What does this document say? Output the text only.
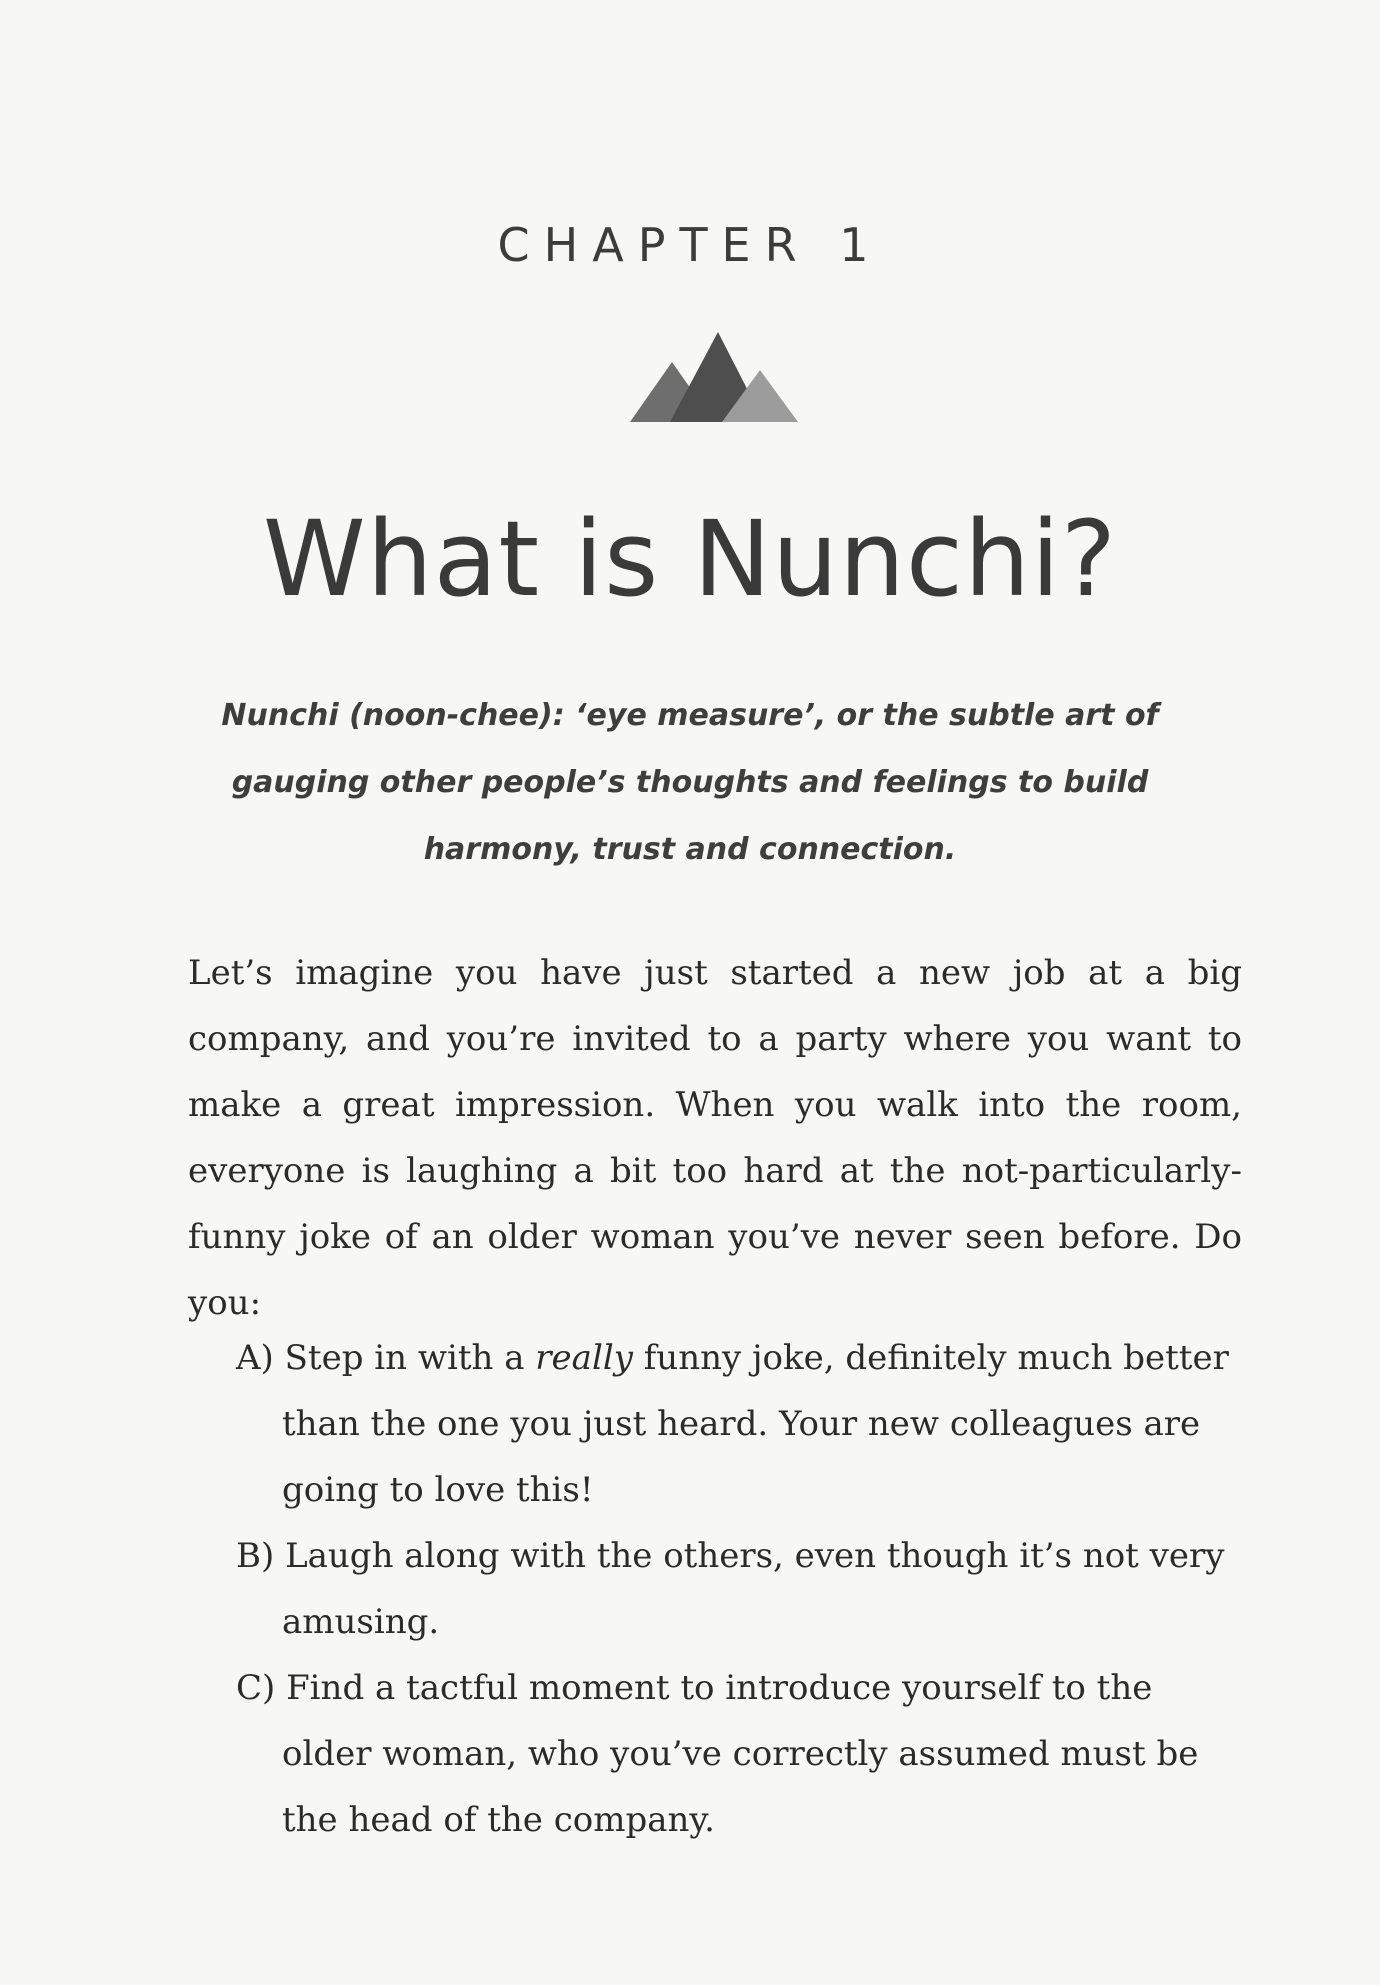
CHAPTER 1
What is Nunchi?

Nunchi (noon-chee): ‘eye measure’, or the subtle art of gauging other people’s thoughts and feelings to build harmony, trust and connection.

Let’s imagine you have just started a new job at a big company, and you’re invited to a party where you want to make a great impression. When you walk into the room, everyone is laughing a bit too hard at the not-particularly-funny joke of an older woman you’ve never seen before. Do you:

A) Step in with a really funny joke, definitely much better than the one you just heard. Your new colleagues are going to love this!
B) Laugh along with the others, even though it’s not very amusing.
C) Find a tactful moment to introduce yourself to the older woman, who you’ve correctly assumed must be the head of the company.
